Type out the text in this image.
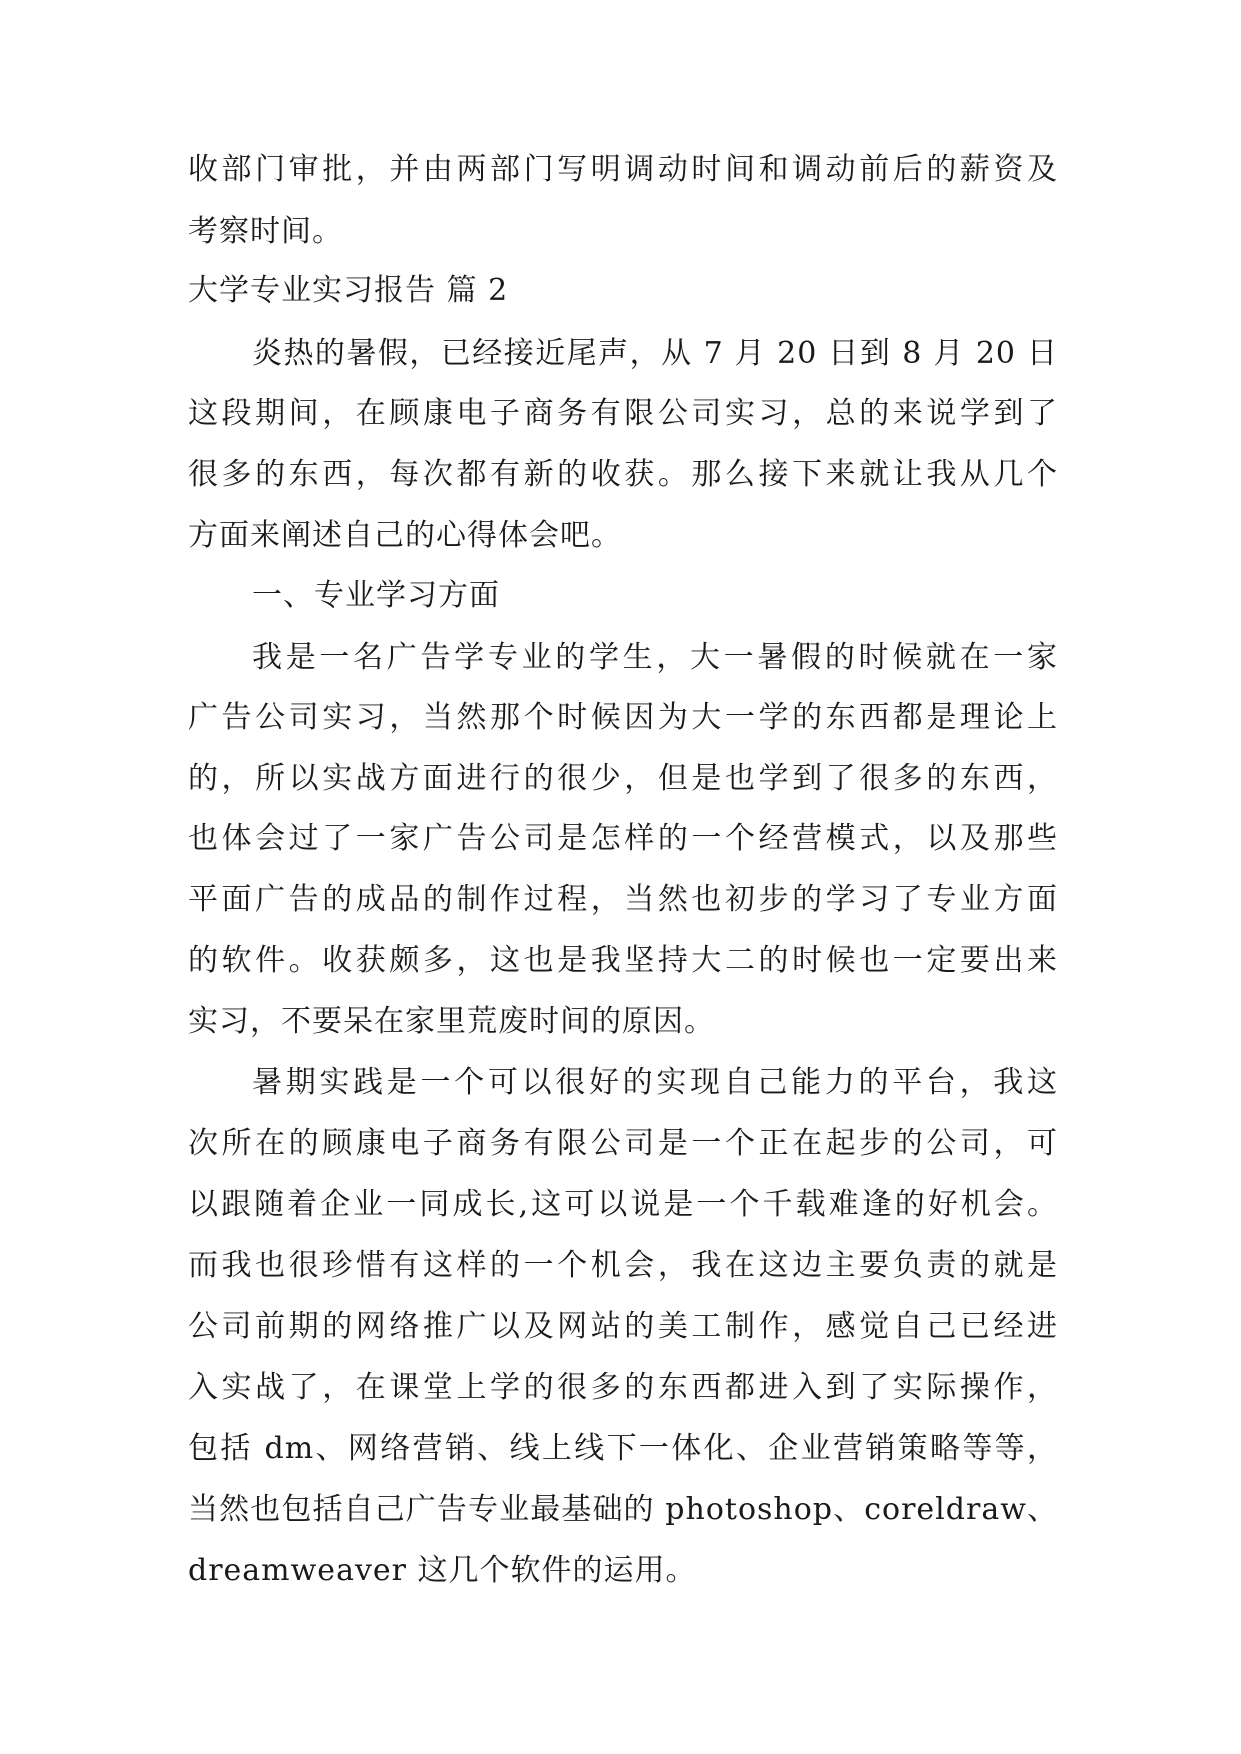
收部门审批，并由两部门写明调动时间和调动前后的薪资及
考察时间。
大学专业实习报告 篇 2
炎热的暑假，已经接近尾声，从 7 月 20 日到 8 月 20 日
这段期间，在顾康电子商务有限公司实习，总的来说学到了
很多的东西，每次都有新的收获。那么接下来就让我从几个
方面来阐述自己的心得体会吧。
一、专业学习方面
我是一名广告学专业的学生，大一暑假的时候就在一家
广告公司实习，当然那个时候因为大一学的东西都是理论上
的，所以实战方面进行的很少，但是也学到了很多的东西，
也体会过了一家广告公司是怎样的一个经营模式，以及那些
平面广告的成品的制作过程，当然也初步的学习了专业方面
的软件。收获颇多，这也是我坚持大二的时候也一定要出来
实习，不要呆在家里荒废时间的原因。
暑期实践是一个可以很好的实现自己能力的平台，我这
次所在的顾康电子商务有限公司是一个正在起步的公司，可
以跟随着企业一同成长,这可以说是一个千载难逢的好机会。
而我也很珍惜有这样的一个机会，我在这边主要负责的就是
公司前期的网络推广以及网站的美工制作，感觉自己已经进
入实战了，在课堂上学的很多的东西都进入到了实际操作，
包括 dm、网络营销、线上线下一体化、企业营销策略等等，
当然也包括自己广告专业最基础的 photoshop、coreldraw、
dreamweaver 这几个软件的运用。
